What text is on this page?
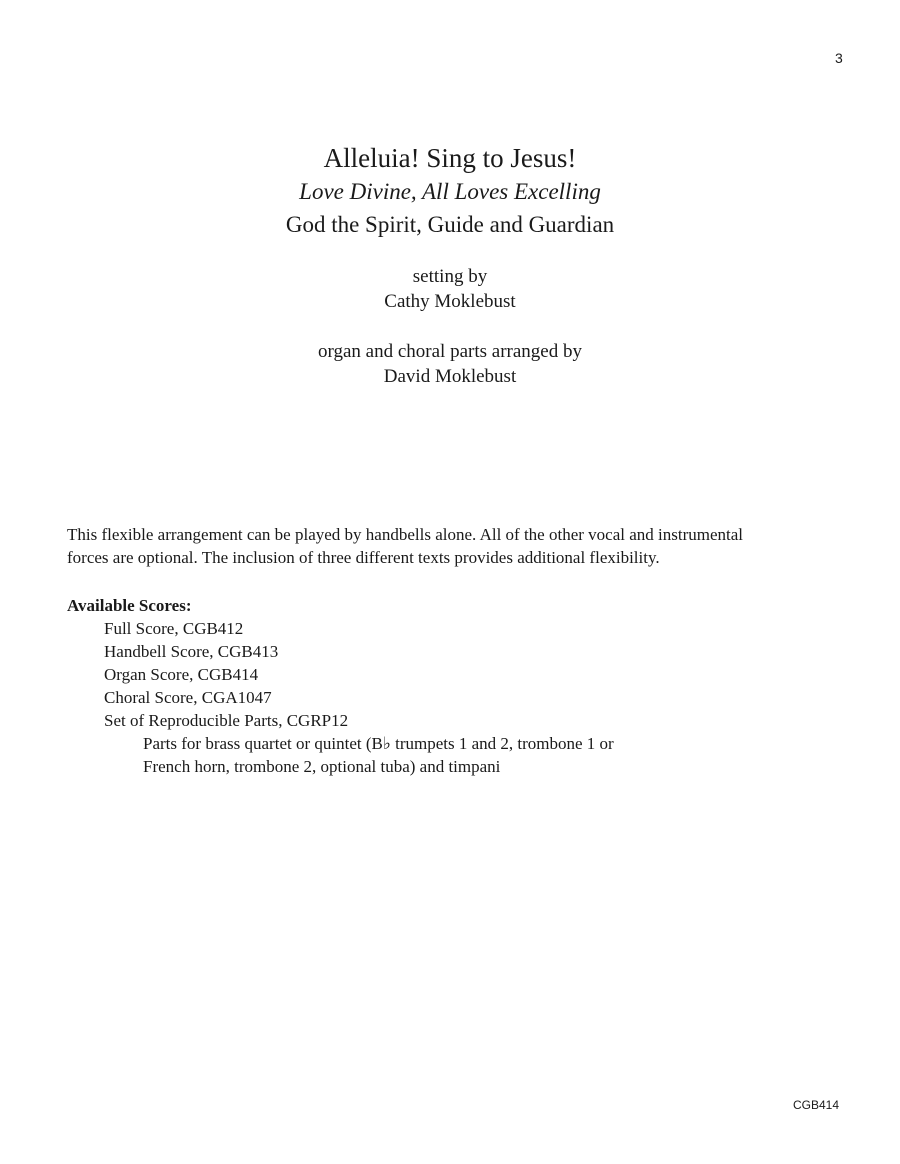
3
Alleluia! Sing to Jesus!
Love Divine, All Loves Excelling
God the Spirit, Guide and Guardian
setting by
Cathy Moklebust
organ and choral parts arranged by
David Moklebust
This flexible arrangement can be played by handbells alone. All of the other vocal and instrumental
forces are optional. The inclusion of three different texts provides additional flexibility.
Available Scores:
Full Score, CGB412
Handbell Score, CGB413
Organ Score, CGB414
Choral Score, CGA1047
Set of Reproducible Parts, CGRP12
Parts for brass quartet or quintet (B♭ trumpets 1 and 2, trombone 1 or
French horn, trombone 2, optional tuba) and timpani
CGB414
